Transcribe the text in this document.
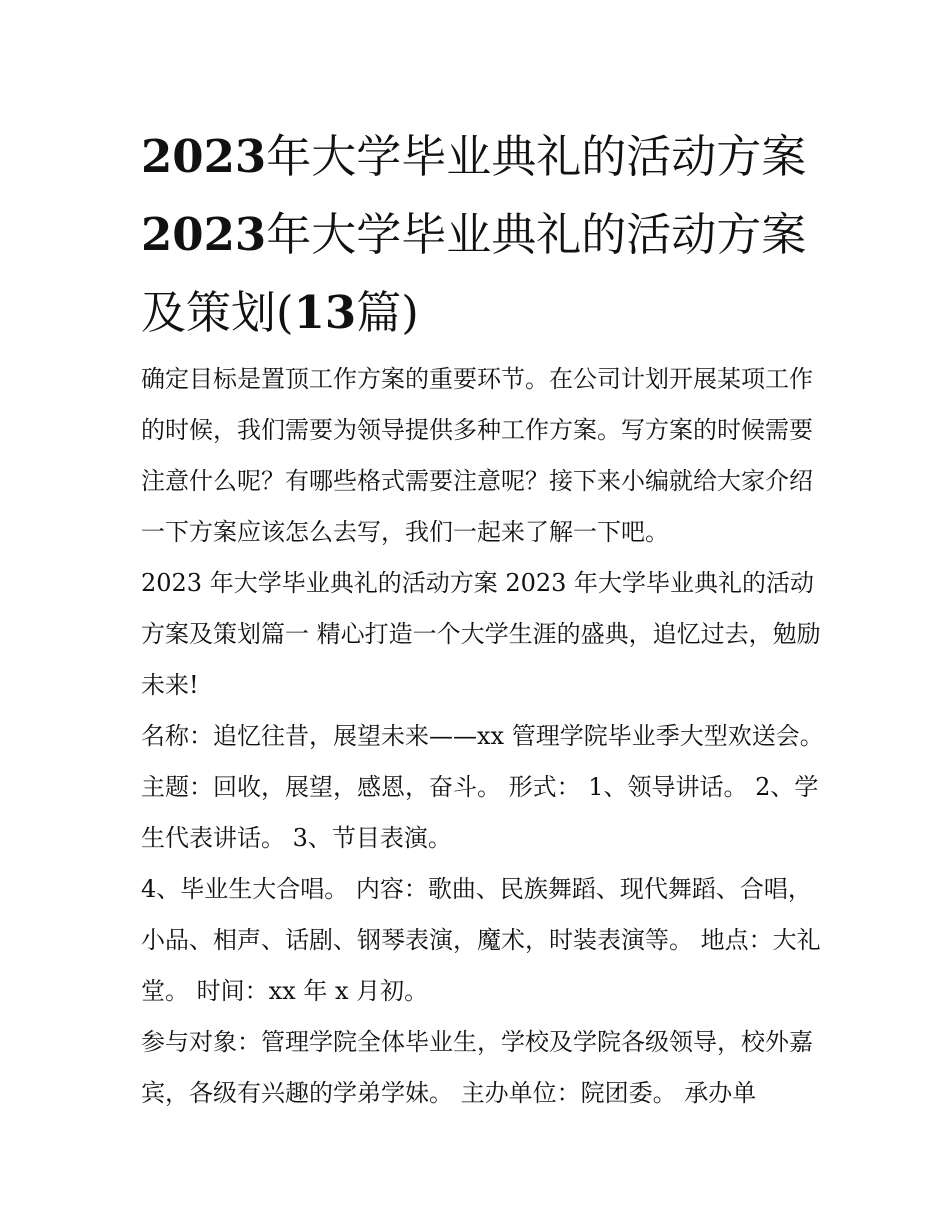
2023年大学毕业典礼的活动方案 2023年大学毕业典礼的活动方案及策划(13篇)

确定目标是置顶工作方案的重要环节。在公司计划开展某项工作的时候，我们需要为领导提供多种工作方案。写方案的时候需要注意什么呢？有哪些格式需要注意呢？接下来小编就给大家介绍一下方案应该怎么去写，我们一起来了解一下吧。

2023 年大学毕业典礼的活动方案 2023 年大学毕业典礼的活动方案及策划篇一 精心打造一个大学生涯的盛典，追忆过去，勉励未来!

名称：追忆往昔，展望未来——xx 管理学院毕业季大型欢送会。 主题：回收，展望，感恩，奋斗。 形式： 1、领导讲话。 2、学生代表讲话。 3、节目表演。

4、毕业生大合唱。 内容：歌曲、民族舞蹈、现代舞蹈、合唱，小品、相声、话剧、钢琴表演，魔术，时装表演等。 地点：大礼堂。 时间：xx 年 x 月初。

参与对象：管理学院全体毕业生，学校及学院各级领导，校外嘉宾，各级有兴趣的学弟学妹。 主办单位：院团委。 承办单
